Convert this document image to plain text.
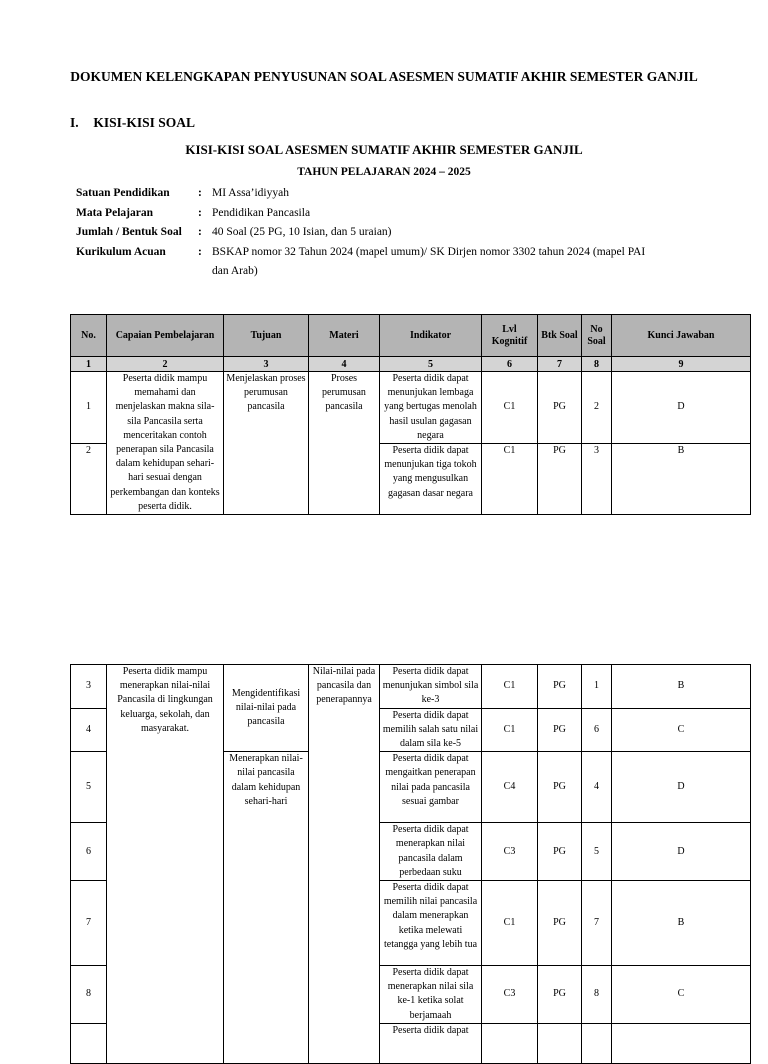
DOKUMEN KELENGKAPAN PENYUSUNAN SOAL ASESMEN SUMATIF AKHIR SEMESTER GANJIL
I. KISI-KISI SOAL
KISI-KISI SOAL ASESMEN SUMATIF AKHIR SEMESTER GANJIL
TAHUN PELAJARAN 2024 – 2025
Satuan Pendidikan	: MI Assa’idiyyah
Mata Pelajaran	: Pendidikan Pancasila
Jumlah / Bentuk Soal	: 40 Soal (25 PG, 10 Isian, dan 5 uraian)
Kurikulum Acuan	: BSKAP nomor 32 Tahun 2024 (mapel umum)/ SK Dirjen nomor 3302 tahun 2024 (mapel PAI dan Arab)
No.	Capaian Pembelajaran	Tujuan	Materi	Indikator	Lvl Kognitif	Btk Soal	No Soal	Kunci Jawaban
1	2	3	4	5	6	7	8	9
1	Peserta didik mampu memahami dan menjelaskan makna sila-sila Pancasila serta menceritakan contoh penerapan sila Pancasila dalam kehidupan sehari-hari sesuai dengan perkembangan dan konteks peserta didik.	Menjelaskan proses perumusan pancasila	Proses perumusan pancasila	Peserta didik dapat menunjukan lembaga yang bertugas menolah hasil usulan gagasan negara	C1	PG	2	D
2				Peserta didik dapat menunjukan tiga tokoh yang mengusulkan gagasan dasar negara	C1	PG	3	B
3	Peserta didik mampu menerapkan nilai-nilai Pancasila di lingkungan keluarga, sekolah, dan masyarakat.	Mengidentifikasi nilai-nilai pada pancasila	Nilai-nilai pada pancasila dan penerapannya	Peserta didik dapat menunjukan simbol sila ke-3	C1	PG	1	B
4				Peserta didik dapat memilih salah satu nilai dalam sila ke-5	C1	PG	6	C
5		Menerapkan nilai-nilai pancasila dalam kehidupan sehari-hari		Peserta didik dapat mengaitkan penerapan nilai pada pancasila sesuai gambar	C4	PG	4	D
6				Peserta didik dapat menerapkan nilai pancasila dalam perbedaan suku	C3	PG	5	D
7				Peserta didik dapat memilih nilai pancasila dalam menerapkan ketika melewati tetangga yang lebih tua	C1	PG	7	B
8				Peserta didik dapat menerapkan nilai sila ke-1 ketika solat berjamaah	C3	PG	8	C
				Peserta didik dapat				
